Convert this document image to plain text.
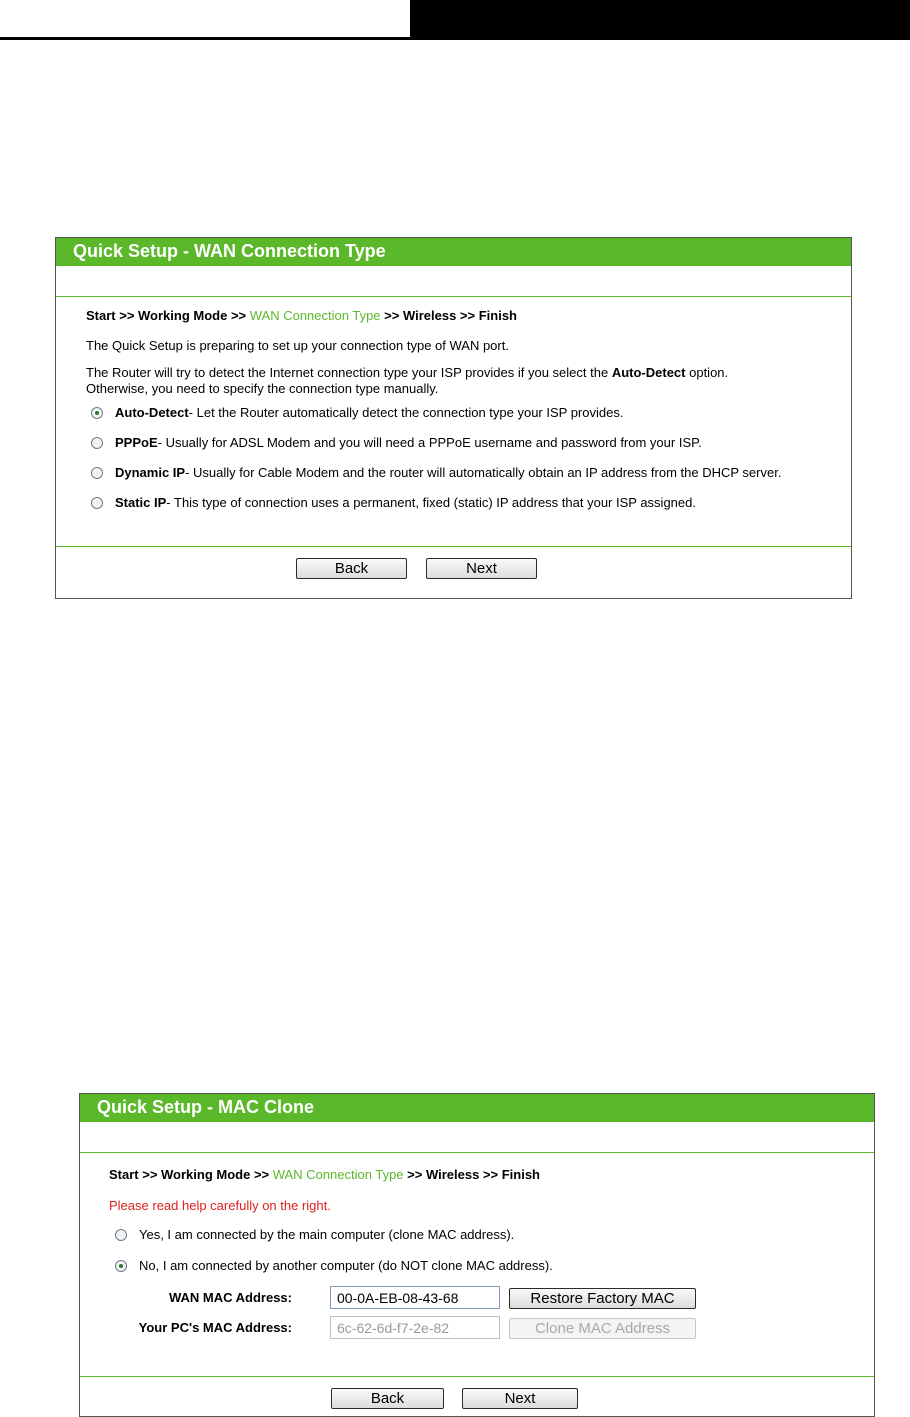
Quick Setup - WAN Connection Type
Start >> Working Mode >> WAN Connection Type >> Wireless >> Finish
The Quick Setup is preparing to set up your connection type of WAN port.
The Router will try to detect the Internet connection type your ISP provides if you select the Auto-Detect option.
Otherwise, you need to specify the connection type manually.
Auto-Detect - Let the Router automatically detect the connection type your ISP provides.
PPPoE - Usually for ADSL Modem and you will need a PPPoE username and password from your ISP.
Dynamic IP - Usually for Cable Modem and the router will automatically obtain an IP address from the DHCP server.
Static IP - This type of connection uses a permanent, fixed (static) IP address that your ISP assigned.
Back	Next
Quick Setup - MAC Clone
Start >> Working Mode >> WAN Connection Type >> Wireless >> Finish
Please read help carefully on the right.
Yes, I am connected by the main computer (clone MAC address).
No, I am connected by another computer (do NOT clone MAC address).
WAN MAC Address:
00-0A-EB-08-43-68	Restore Factory MAC
Your PC's MAC Address:
6c-62-6d-f7-2e-82	Clone MAC Address
Back	Next
